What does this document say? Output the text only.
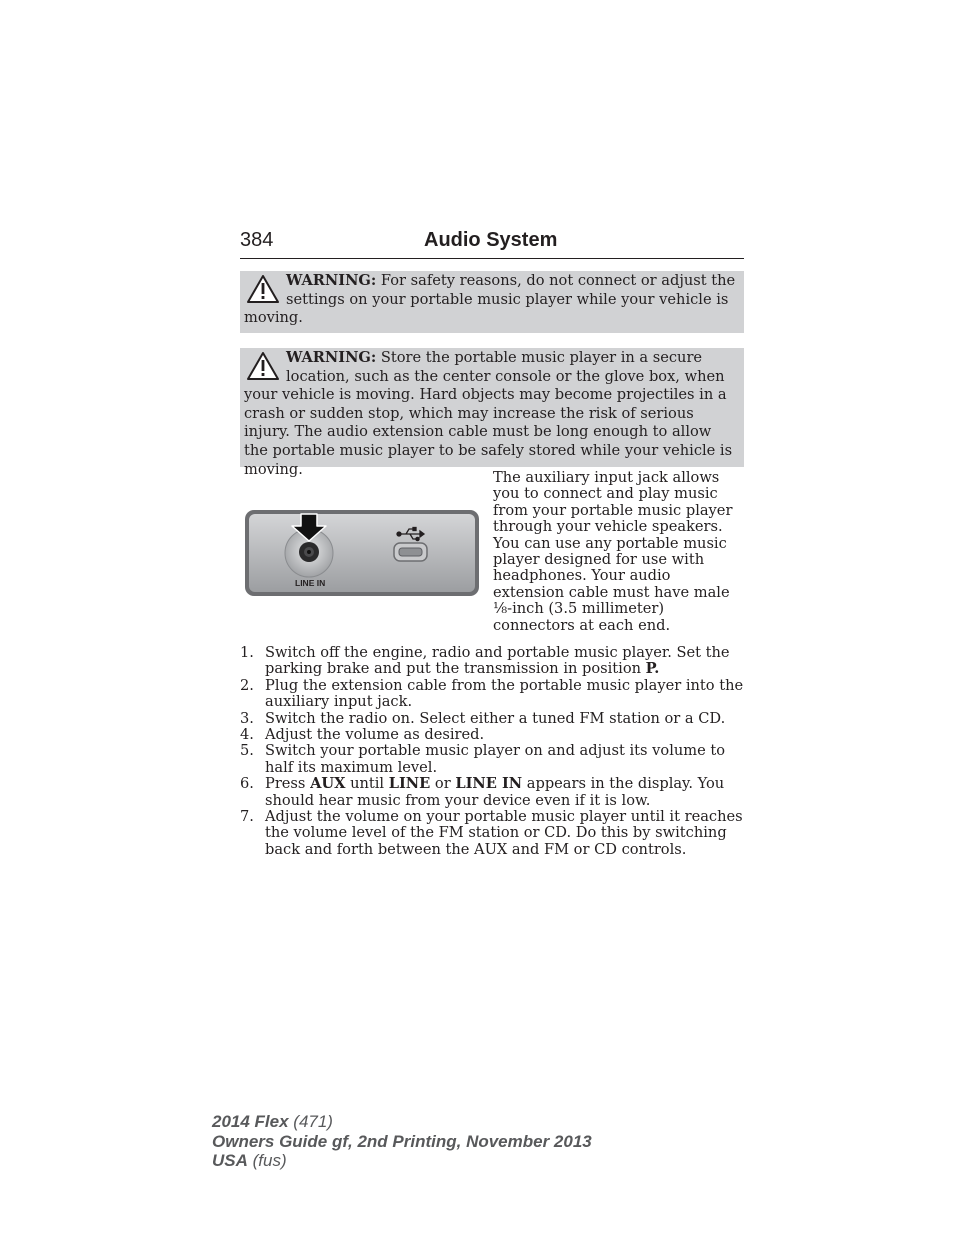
384	Audio System
WARNING: For safety reasons, do not connect or adjust the settings on your portable music player while your vehicle is moving.
WARNING: Store the portable music player in a secure location, such as the center console or the glove box, when your vehicle is moving. Hard objects may become projectiles in a crash or sudden stop, which may increase the risk of serious injury. The audio extension cable must be long enough to allow the portable music player to be safely stored while your vehicle is moving.
LINE IN
The auxiliary input jack allows you to connect and play music from your portable music player through your vehicle speakers. You can use any portable music player designed for use with headphones. Your audio extension cable must have male ⅛-inch (3.5 millimeter) connectors at each end.
1. Switch off the engine, radio and portable music player. Set the parking brake and put the transmission in position P.
2. Plug the extension cable from the portable music player into the auxiliary input jack.
3. Switch the radio on. Select either a tuned FM station or a CD.
4. Adjust the volume as desired.
5. Switch your portable music player on and adjust its volume to half its maximum level.
6. Press AUX until LINE or LINE IN appears in the display. You should hear music from your device even if it is low.
7. Adjust the volume on your portable music player until it reaches the volume level of the FM station or CD. Do this by switching back and forth between the AUX and FM or CD controls.
2014 Flex (471)
Owners Guide gf, 2nd Printing, November 2013
USA (fus)
